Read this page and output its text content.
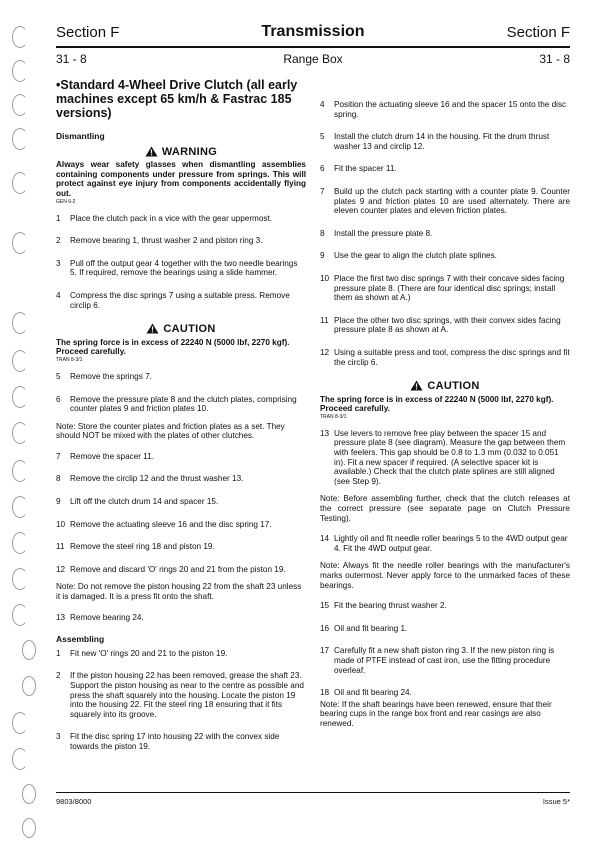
Section F	Transmission	Section F
31 - 8	Range Box	31 - 8
•Standard 4-Wheel Drive Clutch (all early machines except 65 km/h & Fastrac 185 versions)
Dismantling
WARNING

Always wear safety glasses when dismantling assemblies containing components under pressure from springs. This will protect against eye injury from components accidentally flying out.

GEN 6-2
1	Place the clutch pack in a vice with the gear uppermost.
2	Remove bearing 1, thrust washer 2 and piston ring 3.
3	Pull off the output gear 4 together with the two needle bearings 5. If required, remove the bearings using a slide hammer.
4	Compress the disc springs 7 using a suitable press. Remove circlip 6.
CAUTION

The spring force is in excess of 22240 N (5000 lbf, 2270 kgf). Proceed carefully.

TRAN 8-3/1
5	Remove the springs 7.
6	Remove the pressure plate 8 and the clutch plates, comprising counter plates 9 and friction plates 10.

Note: Store the counter plates and friction plates as a set. They should NOT be mixed with the plates of other clutches.

7	Remove the spacer 11.
8	Remove the circlip 12 and the thrust washer 13.
9	Lift off the clutch drum 14 and spacer 15.
10 Remove the actuating sleeve 16 and the disc spring 17.
11 Remove the steel ring 18 and piston 19.
12 Remove and discard 'O' rings 20 and 21 from the piston 19.

Note: Do not remove the piston housing 22 from the shaft 23 unless it is damaged. It is a press fit onto the shaft.

13 Remove bearing 24.
Assembling
1	Fit new 'O' rings 20 and 21 to the piston 19.
2	If the piston housing 22 has been removed, grease the shaft 23. Support the piston housing as near to the centre as possible and press the shaft squarely into the housing. Locate the piston 19 into the housing 22. Fit the steel ring 18 ensuring that it fits squarely into its groove.
3	Fit the disc spring 17 into housing 22 with the convex side towards the piston 19.
4	Position the actuating sleeve 16 and the spacer 15 onto the disc spring.
5	Install the clutch drum 14 in the housing. Fit the drum thrust washer 13 and circlip 12.
6	Fit the spacer 11.
7	Build up the clutch pack starting with a counter plate 9. Counter plates 9 and friction plates 10 are used alternately. There are eleven counter plates and eleven friction plates.
8	Install the pressure plate 8.
9	Use the gear to align the clutch plate splines.
10 Place the first two disc springs 7 with their concave sides facing pressure plate 8. (There are four identical disc springs; install them as shown at A.)
11 Place the other two disc springs, with their convex sides facing pressure plate 8 as shown at A.
12 Using a suitable press and tool, compress the disc springs and fit the circlip 6.
CAUTION

The spring force is in excess of 22240 N (5000 lbf, 2270 kgf). Proceed carefully.

TRAN 8-3/1
13 Use levers to remove free play between the spacer 15 and pressure plate 8 (see diagram). Measure the gap between them with feelers. This gap should be 0.8 to 1.3 mm (0.032 to 0.051 in). Fit a new spacer if required. (A selective spacer kit is available.) Check that the clutch plate splines are still aligned (see Step 9).

Note: Before assembling further, check that the clutch releases at the correct pressure (see separate page on Clutch Pressure Testing).

14 Lightly oil and fit needle roller bearings 5 to the 4WD output gear 4. Fit the 4WD output gear.

Note: Always fit the needle roller bearings with the manufacturer's marks outermost. Never apply force to the unmarked faces of these bearings.

15 Fit the bearing thrust washer 2.
16 Oil and fit bearing 1.
17 Carefully fit a new shaft piston ring 3. If the new piston ring is made of PTFE instead of cast iron, use the fitting procedure overleaf.
18 Oil and fit bearing 24.

Note: If the shaft bearings have been renewed, ensure that their bearing cups in the range box front and rear casings are also renewed.

9803/8000	Issue 5*
